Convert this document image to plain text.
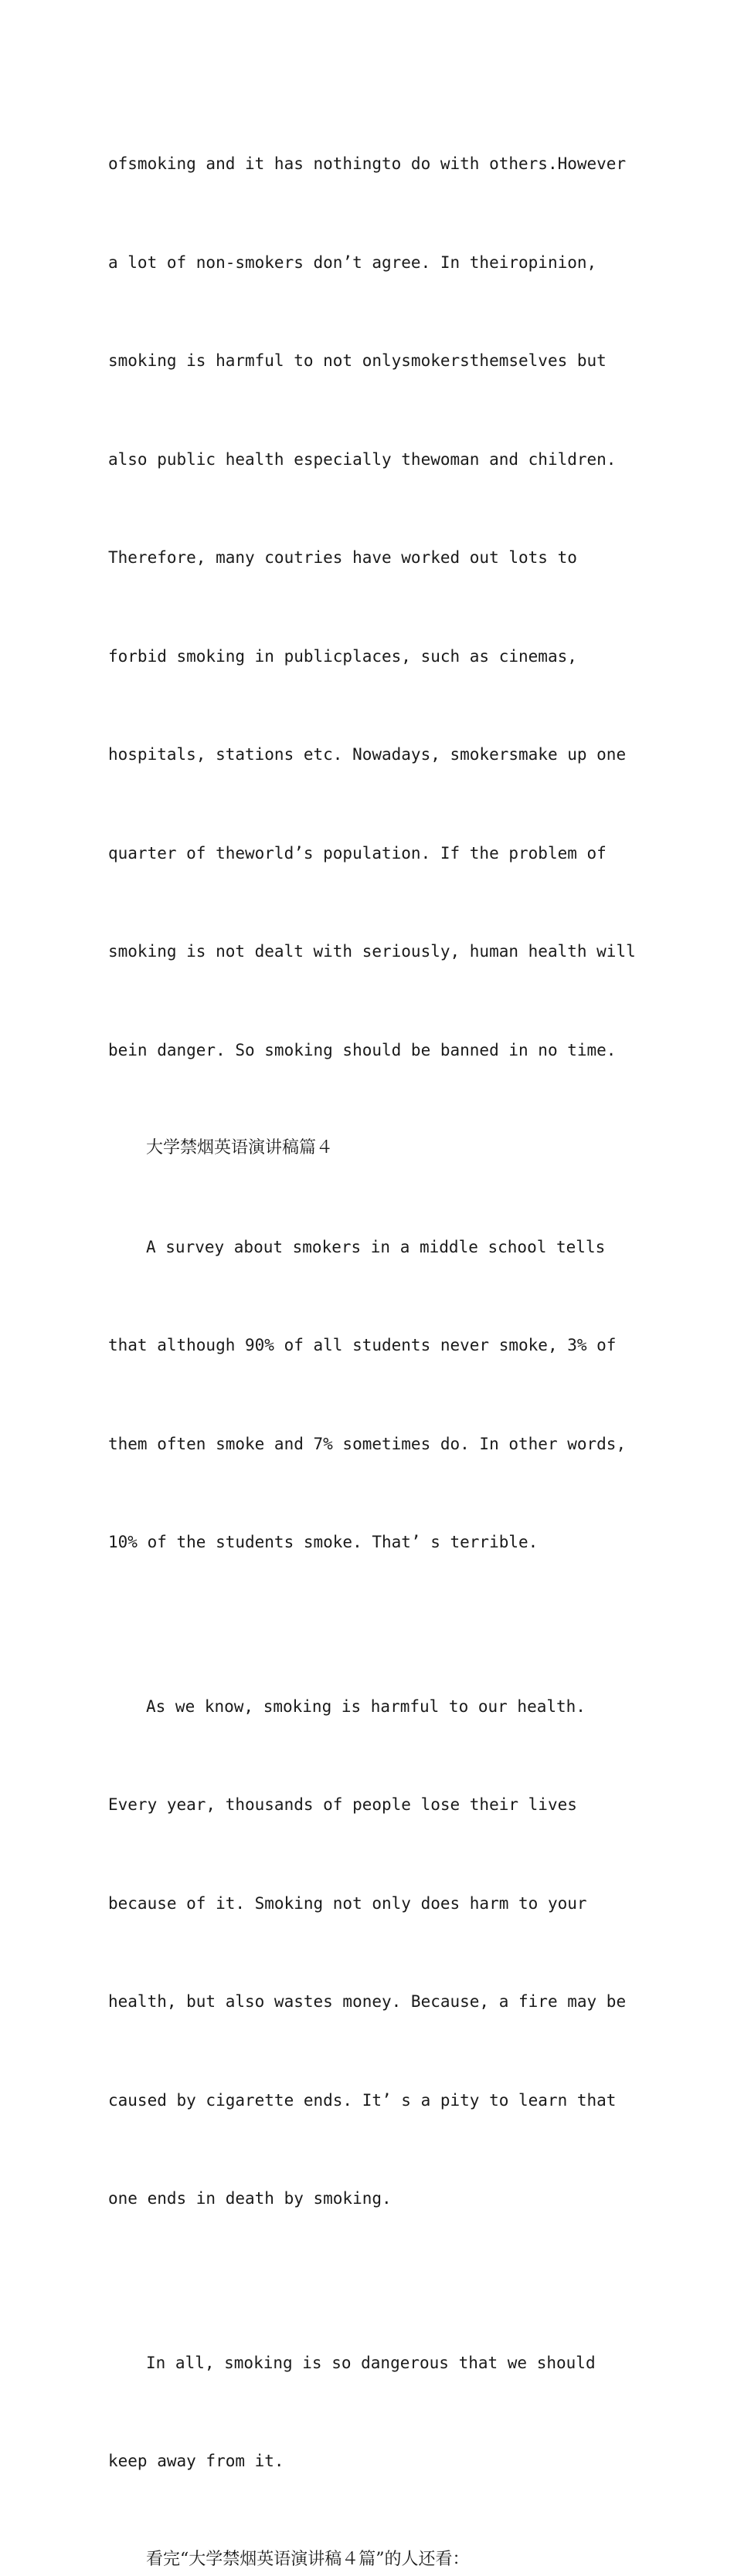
ofsmoking and it has nothingto do with others.However

a lot of non-smokers don’t agree. In theiropinion,

smoking is harmful to not onlysmokersthemselves but

also public health especially thewoman and children.

Therefore, many coutries have worked out lots to

forbid smoking in publicplaces, such as cinemas,

hospitals, stations etc. Nowadays, smokersmake up one

quarter of theworld’s population. If the problem of

smoking is not dealt with seriously, human health will

bein danger. So smoking should be banned in no time.

大学禁烟英语演讲稿篇４

A survey about smokers in a middle school tells

that although 90% of all students never smoke, 3% of

them often smoke and 7% sometimes do. In other words,

10% of the students smoke. That’ s terrible.

As we know, smoking is harmful to our health.

Every year, thousands of people lose their lives

because of it. Smoking not only does harm to your

health, but also wastes money. Because, a fire may be

caused by cigarette ends. It’ s a pity to learn that

one ends in death by smoking.

In all, smoking is so dangerous that we should

keep away from it.

看完“大学禁烟英语演讲稿４篇”的人还看：
